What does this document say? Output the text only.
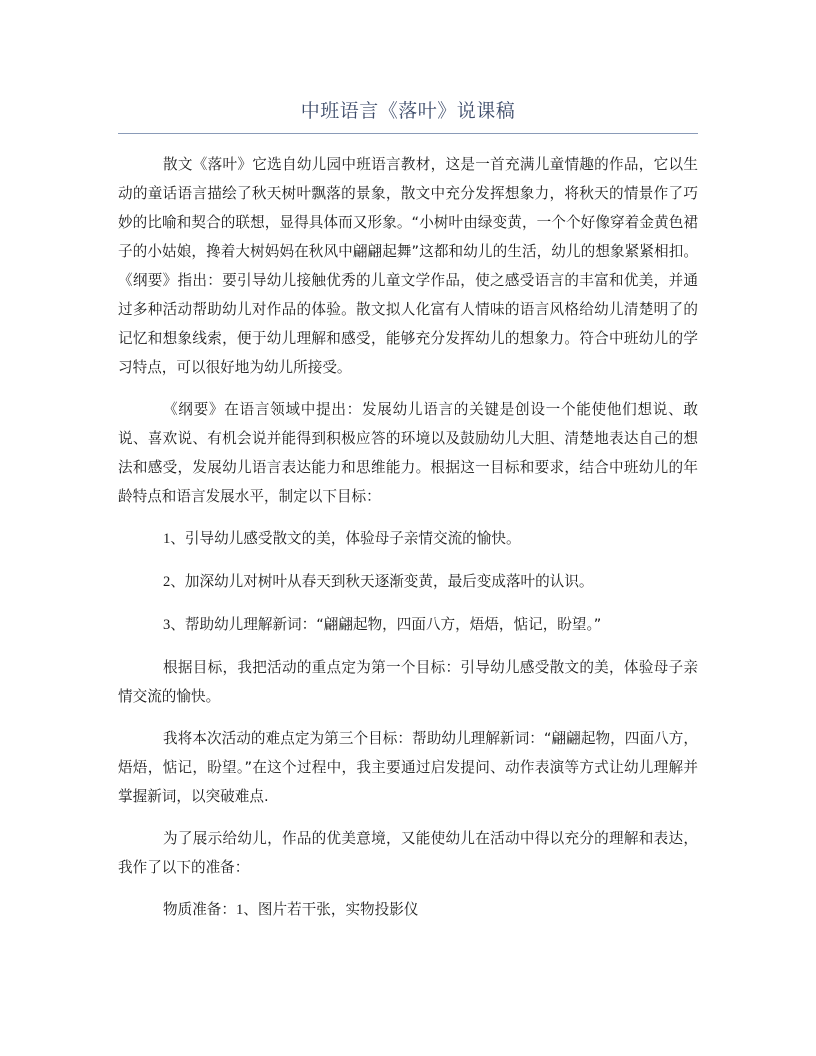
中班语言《落叶》说课稿

散文《落叶》它选自幼儿园中班语言教材，这是一首充满儿童情趣的作品，它以生动的童话语言描绘了秋天树叶飘落的景象，散文中充分发挥想象力，将秋天的情景作了巧妙的比喻和契合的联想，显得具体而又形象。“小树叶由绿变黄，一个个好像穿着金黄色裙子的小姑娘，搀着大树妈妈在秋风中翩翩起舞”这都和幼儿的生活，幼儿的想象紧紧相扣。《纲要》指出：要引导幼儿接触优秀的儿童文学作品，使之感受语言的丰富和优美，并通过多种活动帮助幼儿对作品的体验。散文拟人化富有人情味的语言风格给幼儿清楚明了的记忆和想象线索，便于幼儿理解和感受，能够充分发挥幼儿的想象力。符合中班幼儿的学习特点，可以很好地为幼儿所接受。

《纲要》在语言领域中提出：发展幼儿语言的关键是创设一个能使他们想说、敢说、喜欢说、有机会说并能得到积极应答的环境以及鼓励幼儿大胆、清楚地表达自己的想法和感受，发展幼儿语言表达能力和思维能力。根据这一目标和要求，结合中班幼儿的年龄特点和语言发展水平，制定以下目标：

1、引导幼儿感受散文的美，体验母子亲情交流的愉快。

2、加深幼儿对树叶从春天到秋天逐渐变黄，最后变成落叶的认识。

3、帮助幼儿理解新词：“翩翩起物，四面八方，焐焐，惦记，盼望。”

根据目标，我把活动的重点定为第一个目标：引导幼儿感受散文的美，体验母子亲情交流的愉快。

我将本次活动的难点定为第三个目标：帮助幼儿理解新词：“翩翩起物，四面八方，焐焐，惦记，盼望。”在这个过程中，我主要通过启发提问、动作表演等方式让幼儿理解并掌握新词，以突破难点.

为了展示给幼儿，作品的优美意境，又能使幼儿在活动中得以充分的理解和表达，我作了以下的准备：

物质准备：1、图片若干张，实物投影仪
